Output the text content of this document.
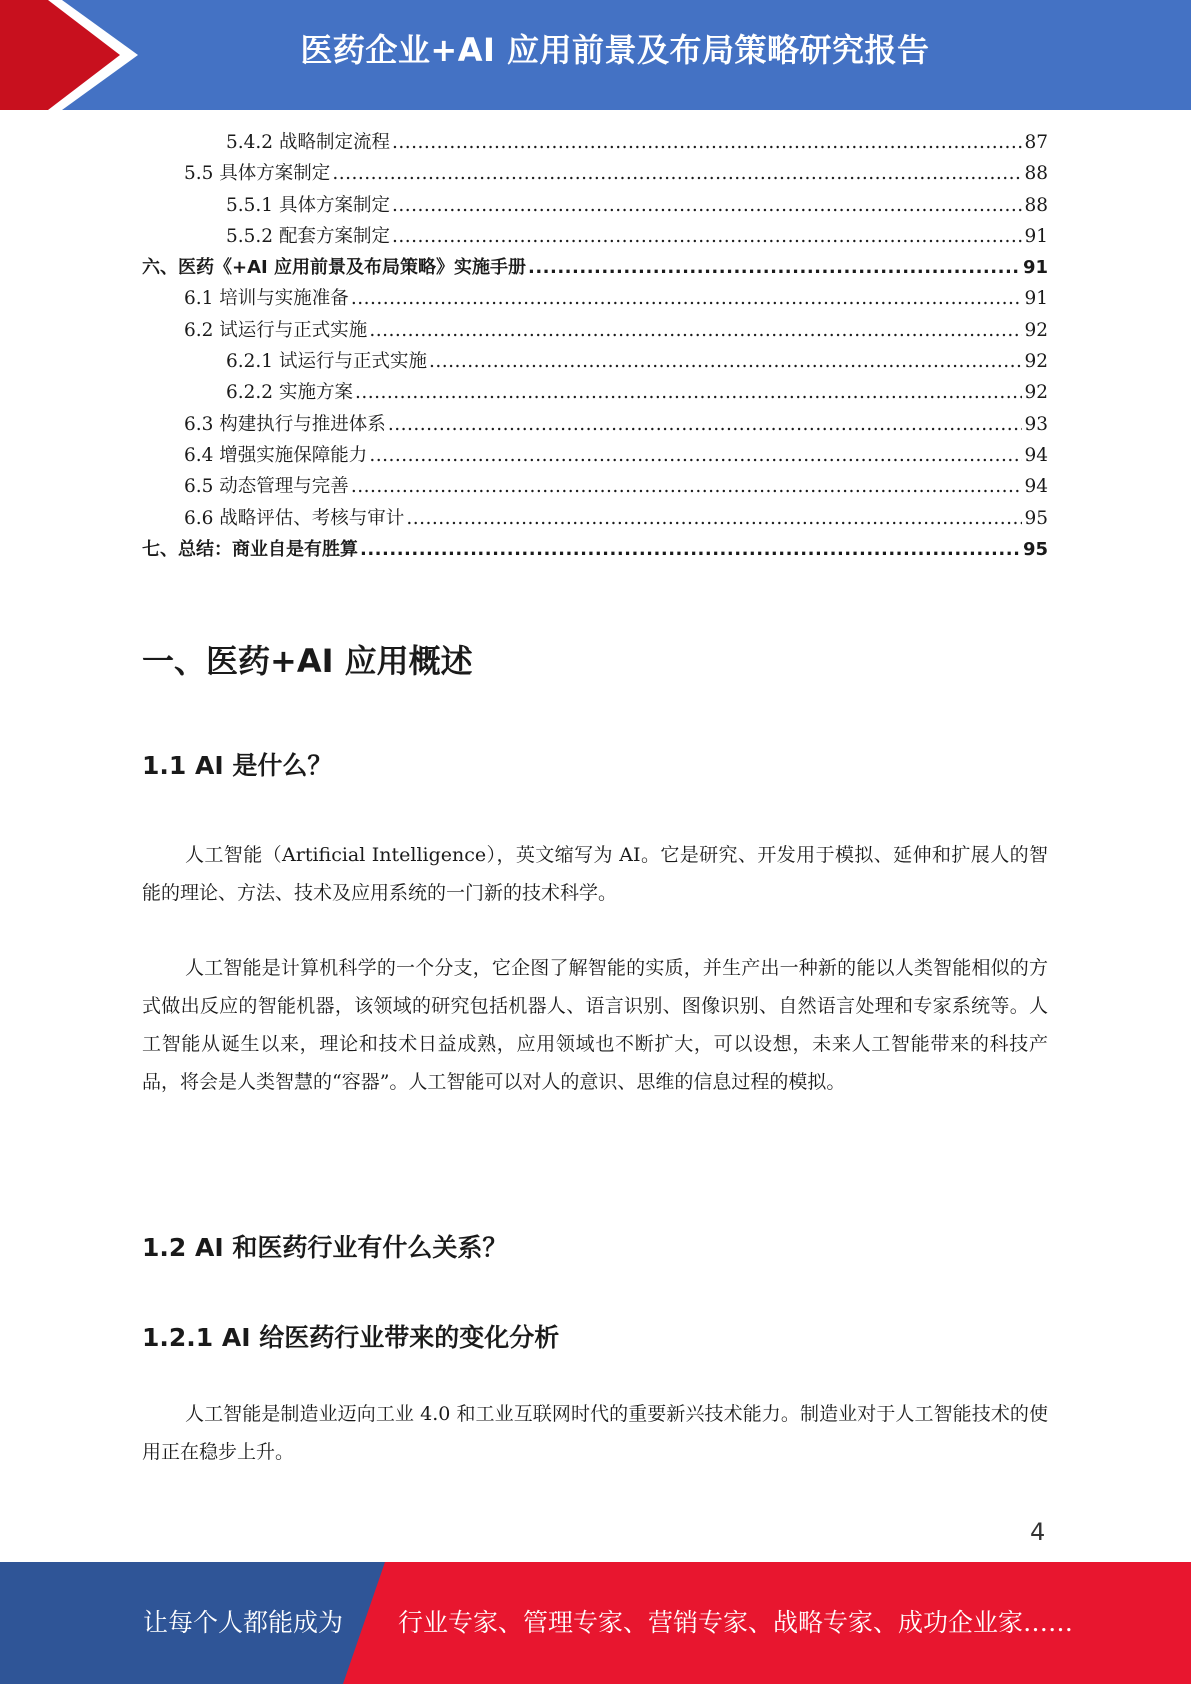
医药企业+AI 应用前景及布局策略研究报告
5.4.2 战略制定流程 .....	87
5.5 具体方案制定 .....	88
5.5.1 具体方案制定 .....	88
5.5.2 配套方案制定 .....	91
六、医药《+AI 应用前景及布局策略》实施手册 .....	91
6.1 培训与实施准备 .....	91
6.2 试运行与正式实施 .....	92
6.2.1 试运行与正式实施 .....	92
6.2.2 实施方案 .....	92
6.3 构建执行与推进体系 .....	93
6.4 增强实施保障能力 .....	94
6.5 动态管理与完善 .....	94
6.6 战略评估、考核与审计 .....	95
七、总结：商业自是有胜算 .....	95
一、医药+AI 应用概述
1.1 AI 是什么？

人工智能（Artificial Intelligence），英文缩写为 AI。它是研究、开发用于模拟、延伸和扩展人的智能的理论、方法、技术及应用系统的一门新的技术科学。

人工智能是计算机科学的一个分支，它企图了解智能的实质，并生产出一种新的能以人类智能相似的方式做出反应的智能机器，该领域的研究包括机器人、语言识别、图像识别、自然语言处理和专家系统等。人工智能从诞生以来，理论和技术日益成熟，应用领域也不断扩大，可以设想，未来人工智能带来的科技产品，将会是人类智慧的“容器”。人工智能可以对人的意识、思维的信息过程的模拟。

1.2 AI 和医药行业有什么关系？
1.2.1 AI 给医药行业带来的变化分析

人工智能是制造业迈向工业 4.0 和工业互联网时代的重要新兴技术能力。制造业对于人工智能技术的使用正在稳步上升。

4
让每个人都能成为 行业专家、管理专家、营销专家、战略专家、成功企业家……
